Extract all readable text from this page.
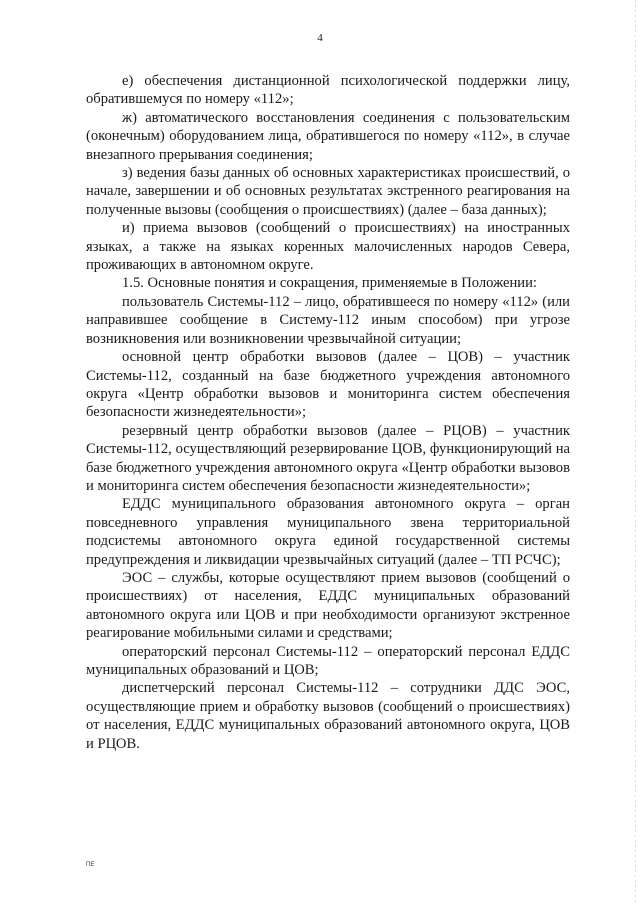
4

е) обеспечения дистанционной психологической поддержки лицу, обратившемуся по номеру «112»;

ж) автоматического восстановления соединения с пользовательским (оконечным) оборудованием лица, обратившегося по номеру «112», в случае внезапного прерывания соединения;

з) ведения базы данных об основных характеристиках происшествий, о начале, завершении и об основных результатах экстренного реагирования на полученные вызовы (сообщения о происшествиях) (далее – база данных);

и) приема вызовов (сообщений о происшествиях) на иностранных языках, а также на языках коренных малочисленных народов Севера, проживающих в автономном округе.

1.5. Основные понятия и сокращения, применяемые в Положении:

пользователь Системы-112 – лицо, обратившееся по номеру «112» (или направившее сообщение в Систему-112 иным способом) при угрозе возникновения или возникновении чрезвычайной ситуации;

основной центр обработки вызовов (далее – ЦОВ) – участник Системы-112, созданный на базе бюджетного учреждения автономного округа «Центр обработки вызовов и мониторинга систем обеспечения безопасности жизнедеятельности»;

резервный центр обработки вызовов (далее – РЦОВ) – участник Системы-112, осуществляющий резервирование ЦОВ, функционирующий на базе бюджетного учреждения автономного округа «Центр обработки вызовов и мониторинга систем обеспечения безопасности жизнедеятельности»;

ЕДДС муниципального образования автономного округа – орган повседневного управления муниципального звена территориальной подсистемы автономного округа единой государственной системы предупреждения и ликвидации чрезвычайных ситуаций (далее – ТП РСЧС);

ЭОС – службы, которые осуществляют прием вызовов (сообщений о происшествиях) от населения, ЕДДС муниципальных образований автономного округа или ЦОВ и при необходимости организуют экстренное реагирование мобильными силами и средствами;

операторский персонал Системы-112 – операторский персонал ЕДДС муниципальных образований и ЦОВ;

диспетчерский персонал Системы-112 – сотрудники ДДС ЭОС, осуществляющие прием и обработку вызовов (сообщений о происшествиях) от населения, ЕДДС муниципальных образований автономного округа, ЦОВ и РЦОВ.

ПЕ
